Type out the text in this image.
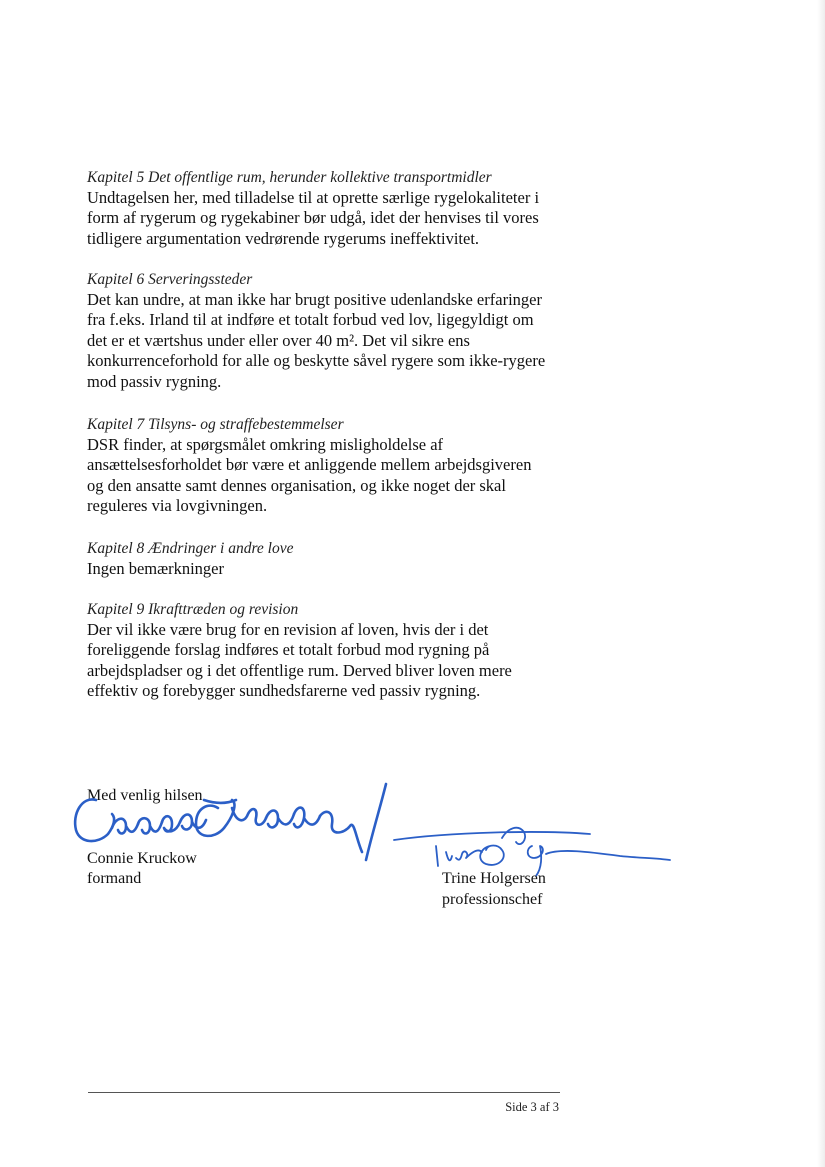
Kapitel 5 Det offentlige rum, herunder kollektive transportmidler

Undtagelsen her, med tilladelse til at oprette særlige rygelokaliteter i

form af rygerum og rygekabiner bør udgå, idet der henvises til vores

tidligere argumentation vedrørende rygerums ineffektivitet.

Kapitel 6 Serveringssteder

Det kan undre, at man ikke har brugt positive udenlandske erfaringer

fra f.eks. Irland til at indføre et totalt forbud ved lov, ligegyldigt om

det er et værtshus under eller over 40 m². Det vil sikre ens

konkurrenceforhold for alle og beskytte såvel rygere som ikke-rygere

mod passiv rygning.

Kapitel 7 Tilsyns- og straffebestemmelser

DSR finder, at spørgsmålet omkring misligholdelse af

ansættelsesforholdet bør være et anliggende mellem arbejdsgiveren

og den ansatte samt dennes organisation, og ikke noget der skal

reguleres via lovgivningen.

Kapitel 8 Ændringer i andre love

Ingen bemærkninger

Kapitel 9 Ikrafttræden og revision

Der vil ikke være brug for en revision af loven, hvis der i det

foreliggende forslag indføres et totalt forbud mod rygning på

arbejdspladser og i det offentlige rum. Derved bliver loven mere

effektiv og forebygger sundhedsfarerne ved passiv rygning.

Med venlig hilsen
Connie Kruckow
formand	Trine Holgersen
professionschef
Side 3 af 3
